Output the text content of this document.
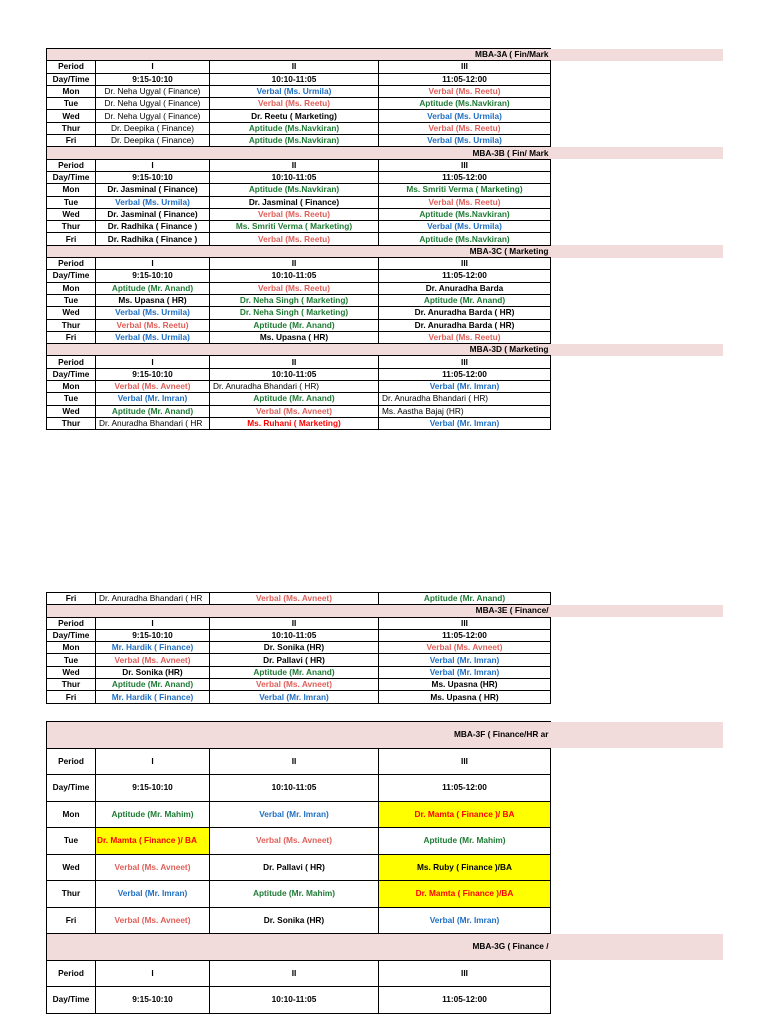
			MBA-3A ( Fin/Mark	
Period	I	II	III	
Day/Time	9:15-10:10	10:10-11:05	11:05-12:00	
Mon	Dr. Neha Ugyal ( Finance)	Verbal (Ms. Urmila)	Verbal (Ms. Reetu)	
Tue	Dr. Neha Ugyal ( Finance)	Verbal (Ms. Reetu)	Aptitude (Ms.Navkiran)	
Wed	Dr. Neha Ugyal ( Finance)	Dr. Reetu ( Marketing)	Verbal (Ms. Urmila)	
Thur	Dr. Deepika ( Finance)	Aptitude (Ms.Navkiran)	Verbal (Ms. Reetu)	
Fri	Dr. Deepika ( Finance)	Aptitude (Ms.Navkiran)	Verbal (Ms. Urmila)	
			MBA-3B ( Fin/ Mark	
Period	I	II	III	
Day/Time	9:15-10:10	10:10-11:05	11:05-12:00	
Mon	Dr. Jasminal ( Finance)	Aptitude (Ms.Navkiran)	Ms. Smriti Verma ( Marketing)	
Tue	Verbal (Ms. Urmila)	Dr. Jasminal ( Finance)	Verbal (Ms. Reetu)	
Wed	Dr. Jasminal ( Finance)	Verbal (Ms. Reetu)	Aptitude (Ms.Navkiran)	
Thur	Dr. Radhika ( Finance )	Ms. Smriti Verma ( Marketing)	Verbal (Ms. Urmila)	
Fri	Dr. Radhika ( Finance )	Verbal (Ms. Reetu)	Aptitude (Ms.Navkiran)	
			MBA-3C ( Marketing	
Period	I	II	III	
Day/Time	9:15-10:10	10:10-11:05	11:05-12:00	
Mon	Aptitude (Mr. Anand)	Verbal (Ms. Reetu)	Dr. Anuradha Barda	
Tue	Ms. Upasna ( HR)	Dr. Neha Singh ( Marketing)	Aptitude (Mr. Anand)	
Wed	Verbal (Ms. Urmila)	Dr. Neha Singh ( Marketing)	Dr. Anuradha Barda ( HR)	
Thur	Verbal (Ms. Reetu)	Aptitude (Mr. Anand)	Dr. Anuradha Barda ( HR)	
Fri	Verbal (Ms. Urmila)	Ms. Upasna ( HR)	Verbal (Ms. Reetu)	
			MBA-3D ( Marketing	
Period	I	II	III	
Day/Time	9:15-10:10	10:10-11:05	11:05-12:00	
Mon	Verbal (Ms. Avneet)	Dr. Anuradha Bhandari ( HR)	Verbal (Mr. Imran)	
Tue	Verbal (Mr. Imran)	Aptitude (Mr. Anand)	Dr. Anuradha Bhandari ( HR)	
Wed	Aptitude (Mr. Anand)	Verbal (Ms. Avneet)	Ms. Aastha Bajaj (HR)	
Thur	Dr. Anuradha Bhandari ( HR	Ms. Ruhani ( Marketing)	Verbal (Mr. Imran)	
Fri	Dr. Anuradha Bhandari ( HR	Verbal (Ms. Avneet)	Aptitude (Mr. Anand)	
			MBA-3E ( Finance/	
Period	I	II	III	
Day/Time	9:15-10:10	10:10-11:05	11:05-12:00	
Mon	Mr. Hardik ( Finance)	Dr. Sonika (HR)	Verbal (Ms. Avneet)	
Tue	Verbal (Ms. Avneet)	Dr. Pallavi ( HR)	Verbal (Mr. Imran)	
Wed	Dr. Sonika (HR)	Aptitude (Mr. Anand)	Verbal (Mr. Imran)	
Thur	Aptitude (Mr. Anand)	Verbal (Ms. Avneet)	Ms. Upasna (HR)	
Fri	Mr. Hardik ( Finance)	Verbal (Mr. Imran)	Ms. Upasna ( HR)	
			MBA-3F ( Finance/HR ar	
Period	I	II	III	
Day/Time	9:15-10:10	10:10-11:05	11:05-12:00	
Mon	Aptitude (Mr. Mahim)	Verbal (Mr. Imran)	Dr. Mamta ( Finance )/ BA	
Tue	Dr. Mamta ( Finance )/ BA	Verbal (Ms. Avneet)	Aptitude (Mr. Mahim)	
Wed	Verbal (Ms. Avneet)	Dr. Pallavi ( HR)	Ms. Ruby ( Finance )/BA	
Thur	Verbal (Mr. Imran)	Aptitude (Mr. Mahim)	Dr. Mamta ( Finance )/BA	
Fri	Verbal (Ms. Avneet)	Dr. Sonika (HR)	Verbal (Mr. Imran)	
			MBA-3G ( Finance /	
Period	I	II	III	
Day/Time	9:15-10:10	10:10-11:05	11:05-12:00	
